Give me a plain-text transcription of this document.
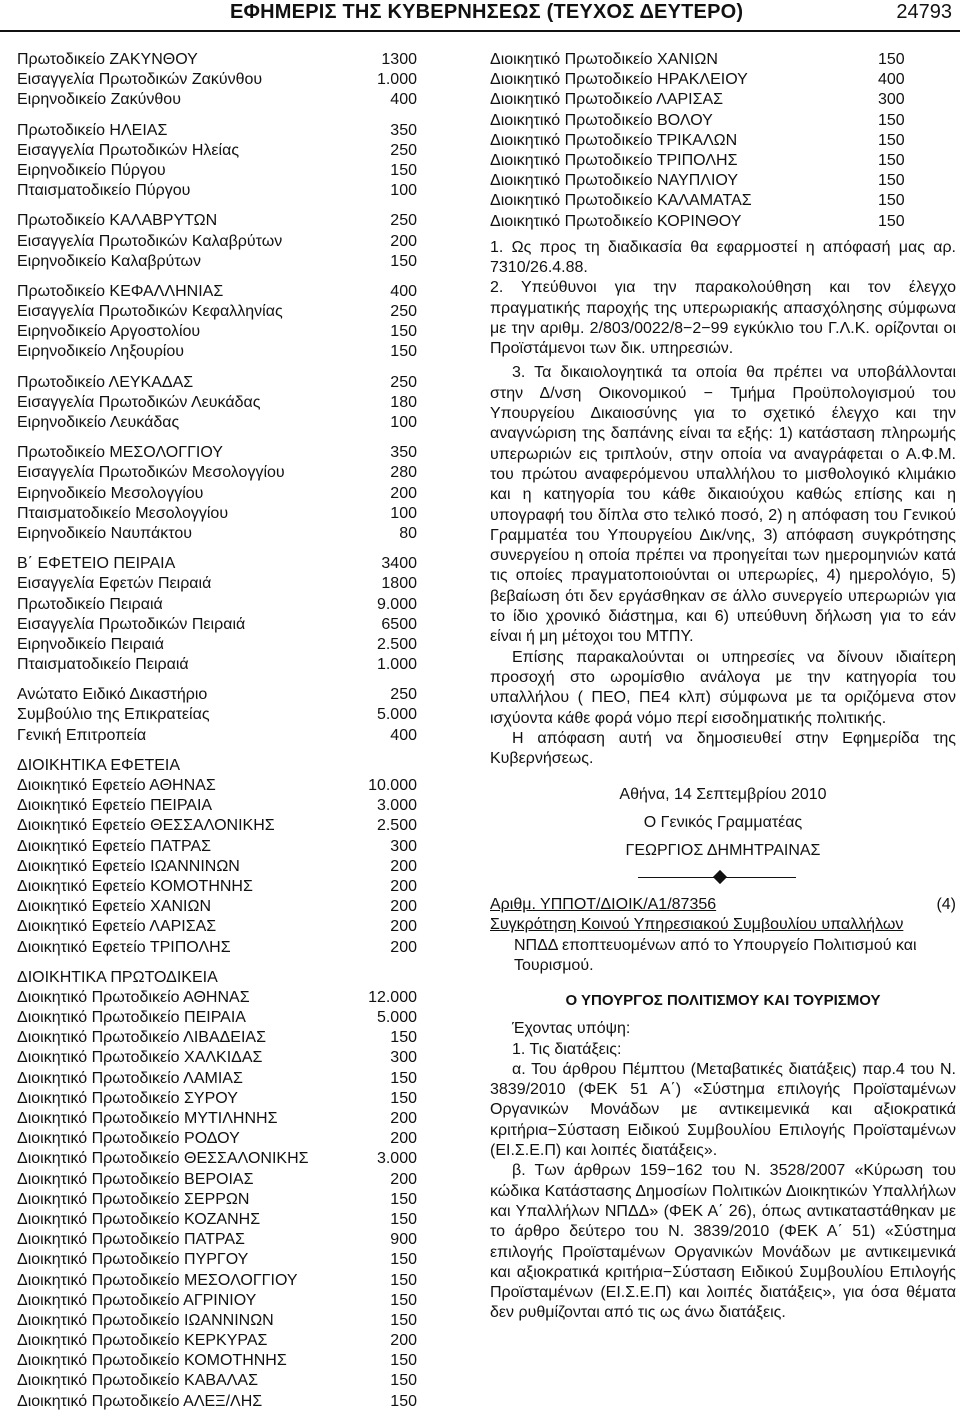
ΕΦΗΜΕΡΙΣ ΤΗΣ ΚΥΒΕΡΝΗΣΕΩΣ (ΤΕΥΧΟΣ ΔΕΥΤΕΡΟ)	24793
Πρωτοδικείο ΖΑΚΥΝΘΟΥ	1300
Εισαγγελία Πρωτοδικών Ζακύνθου	1.000
Ειρηνοδικείο Ζακύνθου	400
Πρωτοδικείο ΗΛΕΙΑΣ	350
Εισαγγελία Πρωτοδικών Ηλείας	250
Ειρηνοδικείο Πύργου	150
Πταισματοδικείο Πύργου	100
Πρωτοδικείο ΚΑΛΑΒΡΥΤΩΝ	250
Εισαγγελία Πρωτοδικών Καλαβρύτων	200
Ειρηνοδικείο Καλαβρύτων	150
Πρωτοδικείο ΚΕΦΑΛΛΗΝΙΑΣ	400
Εισαγγελία Πρωτοδικών Κεφαλληνίας	250
Ειρηνοδικείο Αργοστολίου	150
Ειρηνοδικείο Ληξουρίου	150
Πρωτοδικείο ΛΕΥΚΑΔΑΣ	250
Εισαγγελία Πρωτοδικών Λευκάδας	180
Ειρηνοδικείο Λευκάδας	100
Πρωτοδικείο ΜΕΣΟΛΟΓΓΙΟΥ	350
Εισαγγελία Πρωτοδικών Μεσολογγίου	280
Ειρηνοδικείο Μεσολογγίου	200
Πταισματοδικείο Μεσολογγίου	100
Ειρηνοδικείο Ναυπάκτου	80
Β΄ ΕΦΕΤΕΙΟ ΠΕΙΡΑΙΑ	3400
Εισαγγελία Εφετών Πειραιά	1800
Πρωτοδικείο Πειραιά	9.000
Εισαγγελία Πρωτοδικών Πειραιά	6500
Ειρηνοδικείο Πειραιά	2.500
Πταισματοδικείο Πειραιά	1.000
Ανώτατο Ειδικό Δικαστήριο	250
Συμβούλιο της Επικρατείας	5.000
Γενική Επιτροπεία	400
ΔΙΟΙΚΗΤΙΚΑ ΕΦΕΤΕΙΑ
Διοικητικό Εφετείο ΑΘΗΝΑΣ	10.000
Διοικητικό Εφετείο ΠΕΙΡΑΙΑ	3.000
Διοικητικό Εφετείο ΘΕΣΣΑΛΟΝΙΚΗΣ	2.500
Διοικητικό Εφετείο ΠΑΤΡΑΣ	300
Διοικητικό Εφετείο ΙΩΑΝΝΙΝΩΝ	200
Διοικητικό Εφετείο ΚΟΜΟΤΗΝΗΣ	200
Διοικητικό Εφετείο ΧΑΝΙΩΝ	200
Διοικητικό Εφετείο ΛΑΡΙΣΑΣ	200
Διοικητικό Εφετείο ΤΡΙΠΟΛΗΣ	200
ΔΙΟΙΚΗΤΙΚΑ ΠΡΩΤΟΔΙΚΕΙΑ
Διοικητικό Πρωτοδικείο ΑΘΗΝΑΣ	12.000
Διοικητικό Πρωτοδικείο ΠΕΙΡΑΙΑ	5.000
Διοικητικό Πρωτοδικείο ΛΙΒΑΔΕΙΑΣ	150
Διοικητικό Πρωτοδικείο ΧΑΛΚΙΔΑΣ	300
Διοικητικό Πρωτοδικείο ΛΑΜΙΑΣ	150
Διοικητικό Πρωτοδικείο ΣΥΡΟΥ	150
Διοικητικό Πρωτοδικείο ΜΥΤΙΛΗΝΗΣ	200
Διοικητικό Πρωτοδικείο ΡΟΔΟΥ	200
Διοικητικό Πρωτοδικείο ΘΕΣΣΑΛΟΝΙΚΗΣ	3.000
Διοικητικό Πρωτοδικείο ΒΕΡΟΙΑΣ	200
Διοικητικό Πρωτοδικείο ΣΕΡΡΩΝ	150
Διοικητικό Πρωτοδικείο ΚΟΖΑΝΗΣ	150
Διοικητικό Πρωτοδικείο ΠΑΤΡΑΣ	900
Διοικητικό Πρωτοδικείο ΠΥΡΓΟΥ	150
Διοικητικό Πρωτοδικείο ΜΕΣΟΛΟΓΓΙΟΥ	150
Διοικητικό Πρωτοδικείο ΑΓΡΙΝΙΟΥ	150
Διοικητικό Πρωτοδικείο ΙΩΑΝΝΙΝΩΝ	150
Διοικητικό Πρωτοδικείο ΚΕΡΚΥΡΑΣ	200
Διοικητικό Πρωτοδικείο ΚΟΜΟΤΗΝΗΣ	150
Διοικητικό Πρωτοδικείο ΚΑΒΑΛΑΣ	150
Διοικητικό Πρωτοδικείο ΑΛΕΞ/ΛΗΣ	150
Διοικητικό Πρωτοδικείο ΧΑΝΙΩΝ	150
Διοικητικό Πρωτοδικείο ΗΡΑΚΛΕΙΟΥ	400
Διοικητικό Πρωτοδικείο ΛΑΡΙΣΑΣ	300
Διοικητικό Πρωτοδικείο ΒΟΛΟΥ	150
Διοικητικό Πρωτοδικείο ΤΡΙΚΑΛΩΝ	150
Διοικητικό Πρωτοδικείο ΤΡΙΠΟΛΗΣ	150
Διοικητικό Πρωτοδικείο ΝΑΥΠΛΙΟΥ	150
Διοικητικό Πρωτοδικείο ΚΑΛΑΜΑΤΑΣ	150
Διοικητικό Πρωτοδικείο ΚΟΡΙΝΘΟΥ	150

1. Ως προς τη διαδικασία θα εφαρμοστεί η απόφασή μας αρ. 7310/26.4.88.

2. Υπεύθυνοι για την παρακολούθηση και τον έλεγχο πραγματικής παροχής της υπερωριακής απασχόλησης σύμφωνα με την αριθμ. 2/803/0022/8−2−99 εγκύκλιο του Γ.Λ.Κ. ορίζονται οι Προϊστάμενοι των δικ. υπηρεσιών.

3. Τα δικαιολογητικά τα οποία θα πρέπει να υποβάλλονται στην Δ/νση Οικονομικού − Τμήμα Προϋπολογισμού του Υπουργείου Δικαιοσύνης για το σχετικό έλεγχο και την αναγνώριση της δαπάνης είναι τα εξής: 1) κατάσταση πληρωμής υπερωριών εις τριπλούν, στην οποία να αναγράφεται ο Α.Φ.Μ. του πρώτου αναφερόμενου υπαλλήλου το μισθολογικό κλιμάκιο και η κατηγορία του κάθε δικαιούχου καθώς επίσης και η υπογραφή του δίπλα στο τελικό ποσό, 2) η απόφαση του Γενικού Γραμματέα του Υπουργείου Δικ/νης, 3) απόφαση συγκρότησης συνεργείου η οποία πρέπει να προηγείται των ημερομηνιών κατά τις οποίες πραγματοποιούνται οι υπερωρίες, 4) ημερολόγιο, 5) βεβαίωση ότι δεν εργάσθηκαν σε άλλο συνεργείο υπερωριών για το ίδιο χρονικό διάστημα, και 6) υπεύθυνη δήλωση για το εάν είναι ή μη μέτοχοι του ΜΤΠΥ.

Επίσης παρακαλούνται οι υπηρεσίες να δίνουν ιδιαίτερη προσοχή στο ωρομίσθιο ανάλογα με την κατηγορία του υπαλλήλου ( ΠΕΟ, ΠΕ4 κλπ) σύμφωνα με τα οριζόμενα στον ισχύοντα κάθε φορά νόμο περί εισοδηματικής πολιτικής.

Η απόφαση αυτή να δημοσιευθεί στην Εφημερίδα της Κυβερνήσεως.

Αθήνα, 14 Σεπτεμβρίου 2010

Ο Γενικός Γραμματέας

ΓΕΩΡΓΙΟΣ ΔΗΜΗΤΡΑΙΝΑΣ

Αριθμ. ΥΠΠΟΤ/ΔΙΟΙΚ/Α1/87356	(4)

Συγκρότηση Κοινού Υπηρεσιακού Συμβουλίου υπαλλήλων
ΝΠΔΔ εποπτευομένων από το Υπουργείο Πολιτισμού και Τουρισμού.

Ο ΥΠΟΥΡΓΟΣ ΠΟΛΙΤΙΣΜΟΥ ΚΑΙ ΤΟΥΡΙΣΜΟΥ

Έχοντας υπόψη:

1. Τις διατάξεις:

α. Του άρθρου Πέμπτου (Μεταβατικές διατάξεις) παρ.4 του Ν. 3839/2010 (ΦΕΚ 51 Α΄) «Σύστημα επιλογής Προϊσταμένων Οργανικών Μονάδων με αντικειμενικά και αξιοκρατικά κριτήρια−Σύσταση Ειδικού Συμβουλίου Επιλογής Προϊσταμένων (ΕΙ.Σ.Ε.Π) και λοιπές διατάξεις».

β. Των άρθρων 159−162 του Ν. 3528/2007 «Κύρωση του κώδικα Κατάστασης Δημοσίων Πολιτικών Διοικητικών Υπαλλήλων και Υπαλλήλων ΝΠΔΔ» (ΦΕΚ Α΄ 26), όπως αντικαταστάθηκαν με το άρθρο δεύτερο του Ν. 3839/2010 (ΦΕΚ Α΄ 51) «Σύστημα επιλογής Προϊσταμένων Οργανικών Μονάδων με αντικειμενικά και αξιοκρατικά κριτήρια−Σύσταση Ειδικού Συμβουλίου Επιλογής Προϊσταμένων (ΕΙ.Σ.Ε.Π) και λοιπές διατάξεις», για όσα θέματα δεν ρυθμίζονται από τις ως άνω διατάξεις.
